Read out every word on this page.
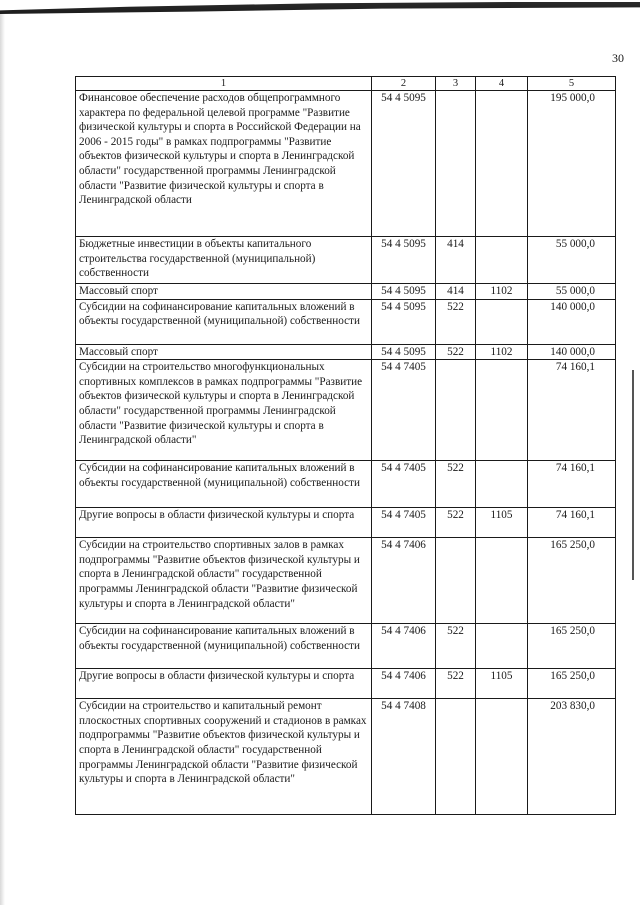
30
1	2	3	4	5
Финансовое обеспечение расходов общепрограммного характера по федеральной целевой программе "Развитие физической культуры и спорта в Российской Федерации на 2006 - 2015 годы" в рамках подпрограммы "Развитие объектов физической культуры и спорта в Ленинградской области" государственной программы Ленинградской области "Развитие физической культуры и спорта в Ленинградской области	54 4 5095			195 000,0
Бюджетные инвестиции в объекты капитального строительства государственной (муниципальной) собственности	54 4 5095	414		55 000,0
Массовый спорт	54 4 5095	414	1102	55 000,0
Субсидии на софинансирование капитальных вложений в объекты государственной (муниципальной) собственности	54 4 5095	522		140 000,0
Массовый спорт	54 4 5095	522	1102	140 000,0
Субсидии на строительство многофункциональных спортивных комплексов в рамках подпрограммы "Развитие объектов физической культуры и спорта в Ленинградской области" государственной программы Ленинградской области "Развитие физической культуры и спорта в Ленинградской области"	54 4 7405			74 160,1
Субсидии на софинансирование капитальных вложений в объекты государственной (муниципальной) собственности	54 4 7405	522		74 160,1
Другие вопросы в области физической культуры и спорта	54 4 7405	522	1105	74 160,1
Субсидии на строительство спортивных залов в рамках подпрограммы "Развитие объектов физической культуры и спорта в Ленинградской области" государственной программы Ленинградской области "Развитие физической культуры и спорта в Ленинградской области"	54 4 7406			165 250,0
Субсидии на софинансирование капитальных вложений в объекты государственной (муниципальной) собственности	54 4 7406	522		165 250,0
Другие вопросы в области физической культуры и спорта	54 4 7406	522	1105	165 250,0
Субсидии на строительство и капитальный ремонт плоскостных спортивных сооружений и стадионов в рамках подпрограммы "Развитие объектов физической культуры и спорта в Ленинградской области" государственной программы Ленинградской области "Развитие физической культуры и спорта в Ленинградской области"	54 4 7408			203 830,0
